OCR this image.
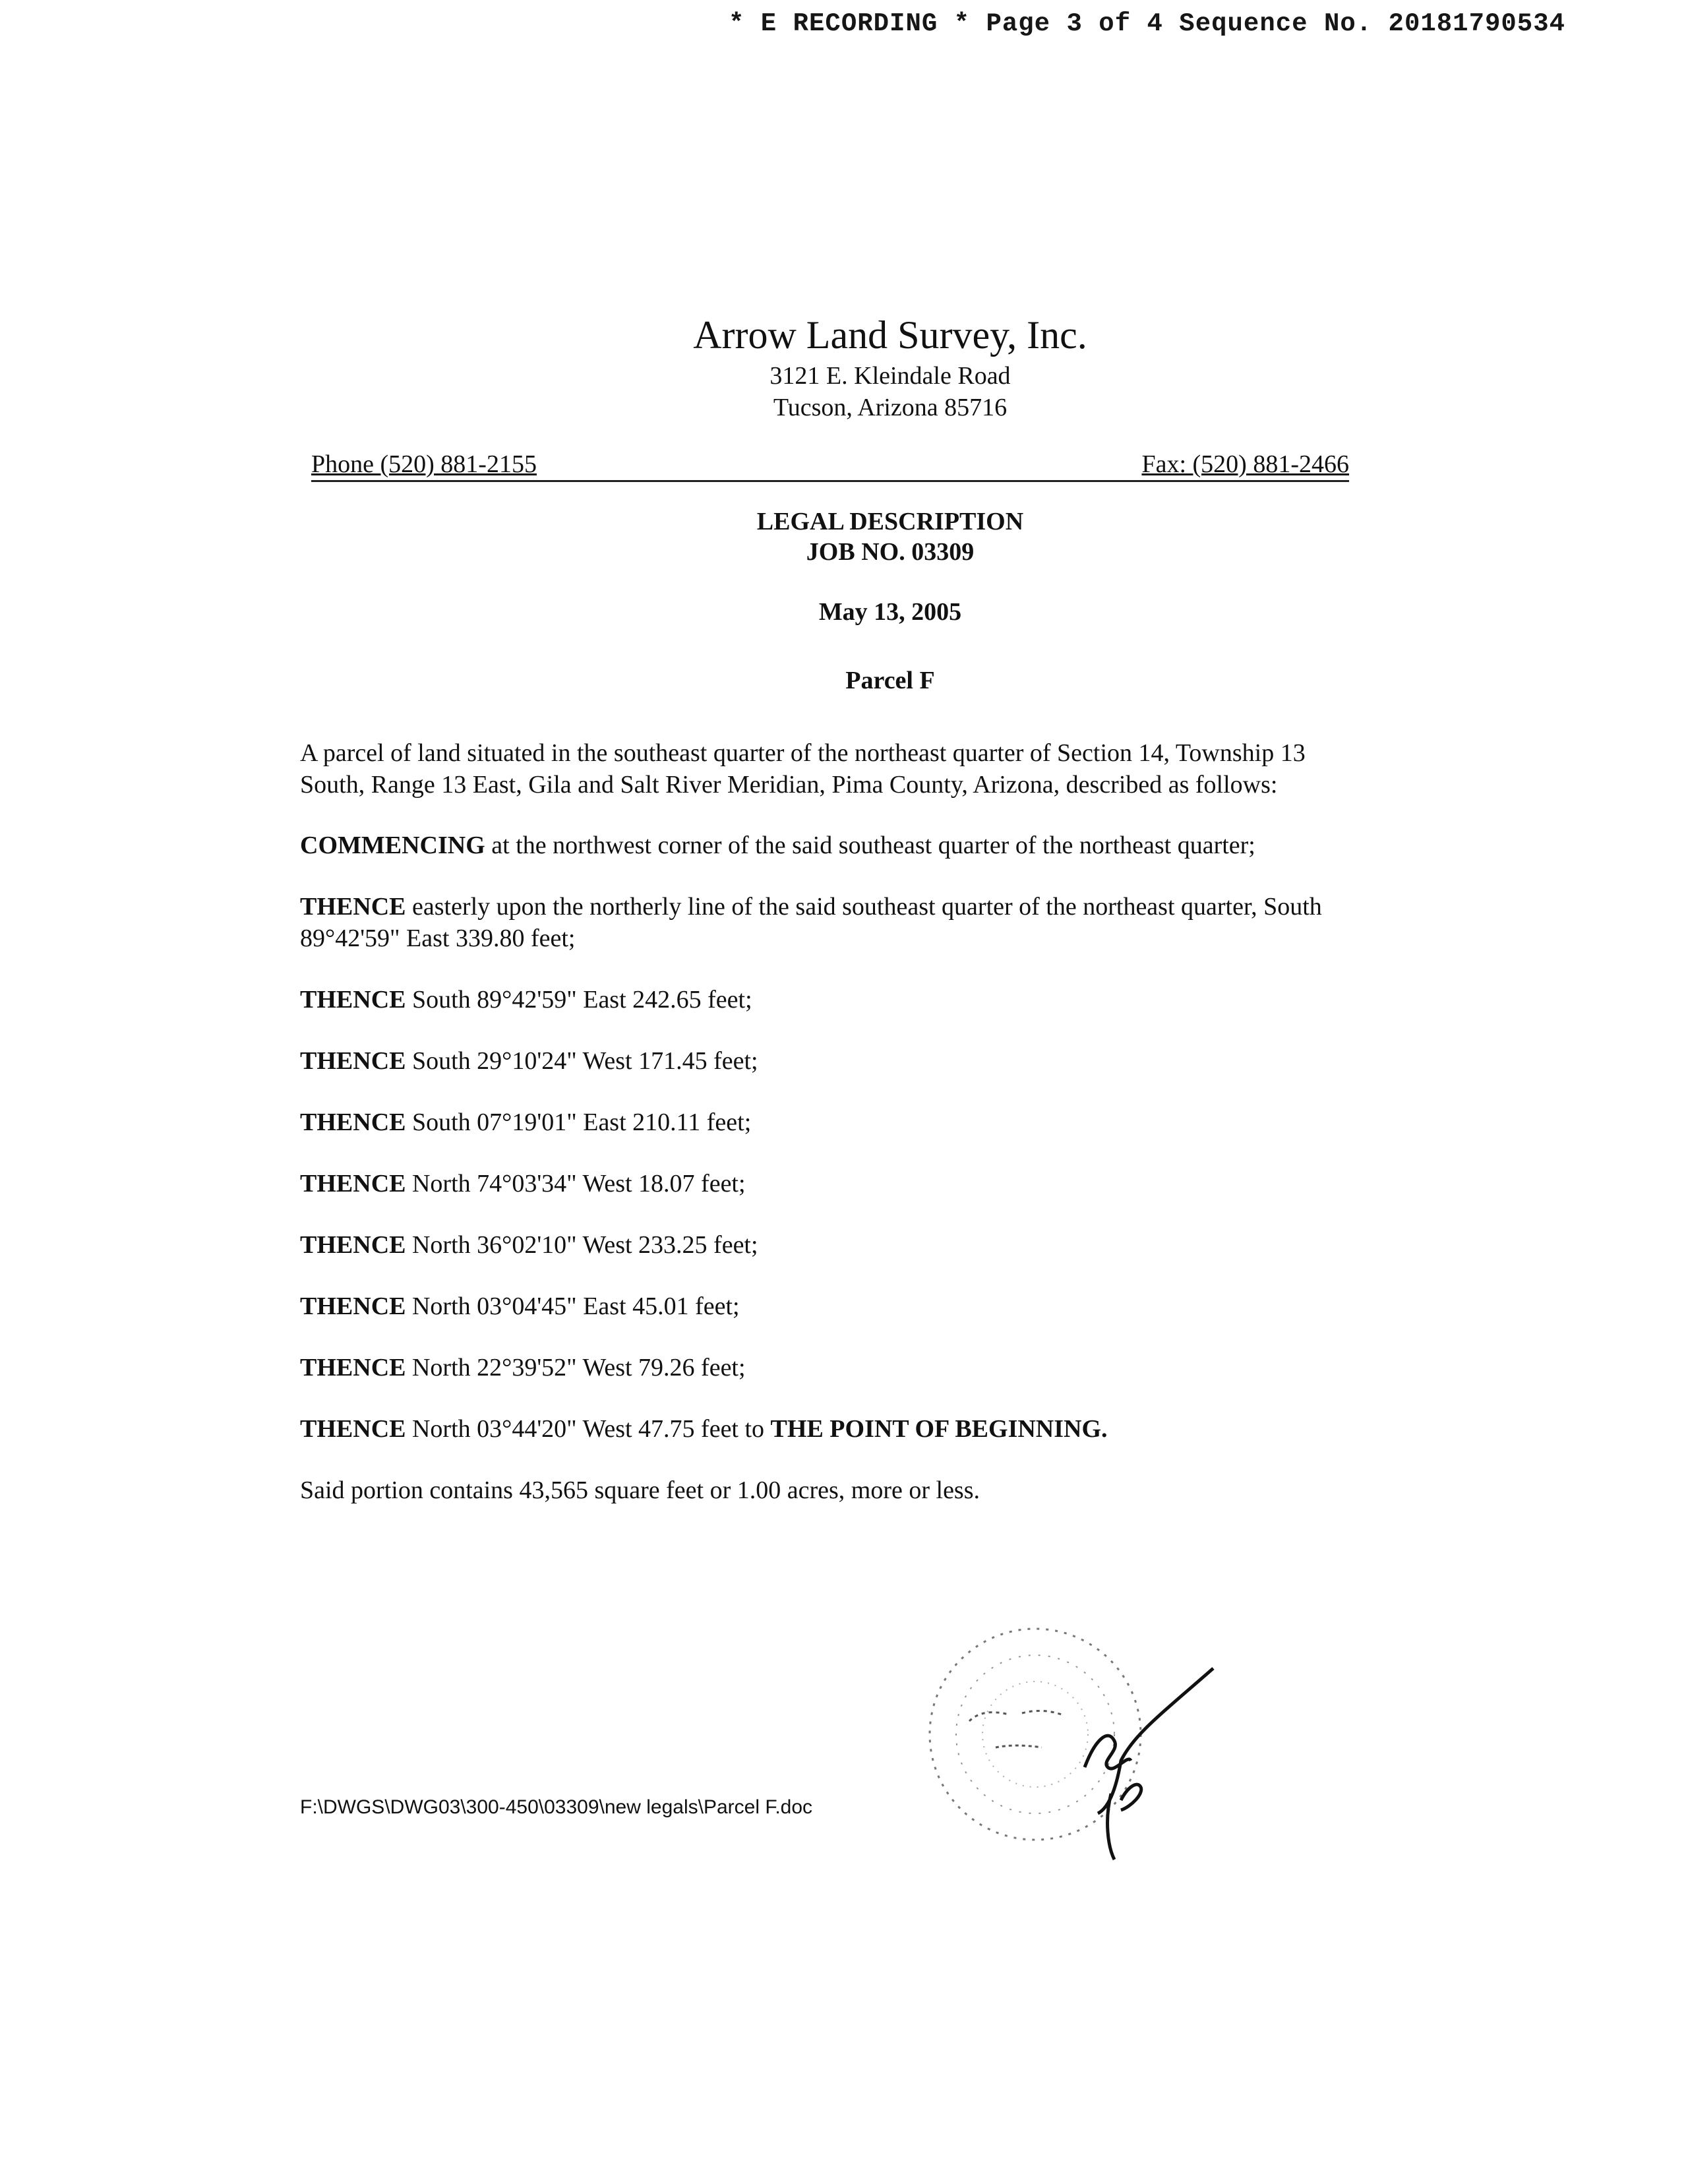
* E RECORDING * Page 3 of 4 Sequence No. 20181790534
Arrow Land Survey, Inc.
3121 E. Kleindale Road
Tucson, Arizona 85716
Phone (520) 881-2155	Fax: (520) 881-2466
LEGAL DESCRIPTION
JOB NO. 03309
May 13, 2005
Parcel F

A parcel of land situated in the southeast quarter of the northeast quarter of Section 14, Township 13 South, Range 13 East, Gila and Salt River Meridian, Pima County, Arizona, described as follows:

COMMENCING at the northwest corner of the said southeast quarter of the northeast quarter;

THENCE easterly upon the northerly line of the said southeast quarter of the northeast quarter, South 89°42'59" East 339.80 feet;

THENCE South 89°42'59" East 242.65 feet;

THENCE South 29°10'24" West 171.45 feet;

THENCE South 07°19'01" East 210.11 feet;

THENCE North 74°03'34" West 18.07 feet;

THENCE North 36°02'10" West 233.25 feet;

THENCE North 03°04'45" East 45.01 feet;

THENCE North 22°39'52" West 79.26 feet;

THENCE North 03°44'20" West 47.75 feet to THE POINT OF BEGINNING.

Said portion contains 43,565 square feet or 1.00 acres, more or less.

F:\DWGS\DWG03\300-450\03309\new legals\Parcel F.doc
